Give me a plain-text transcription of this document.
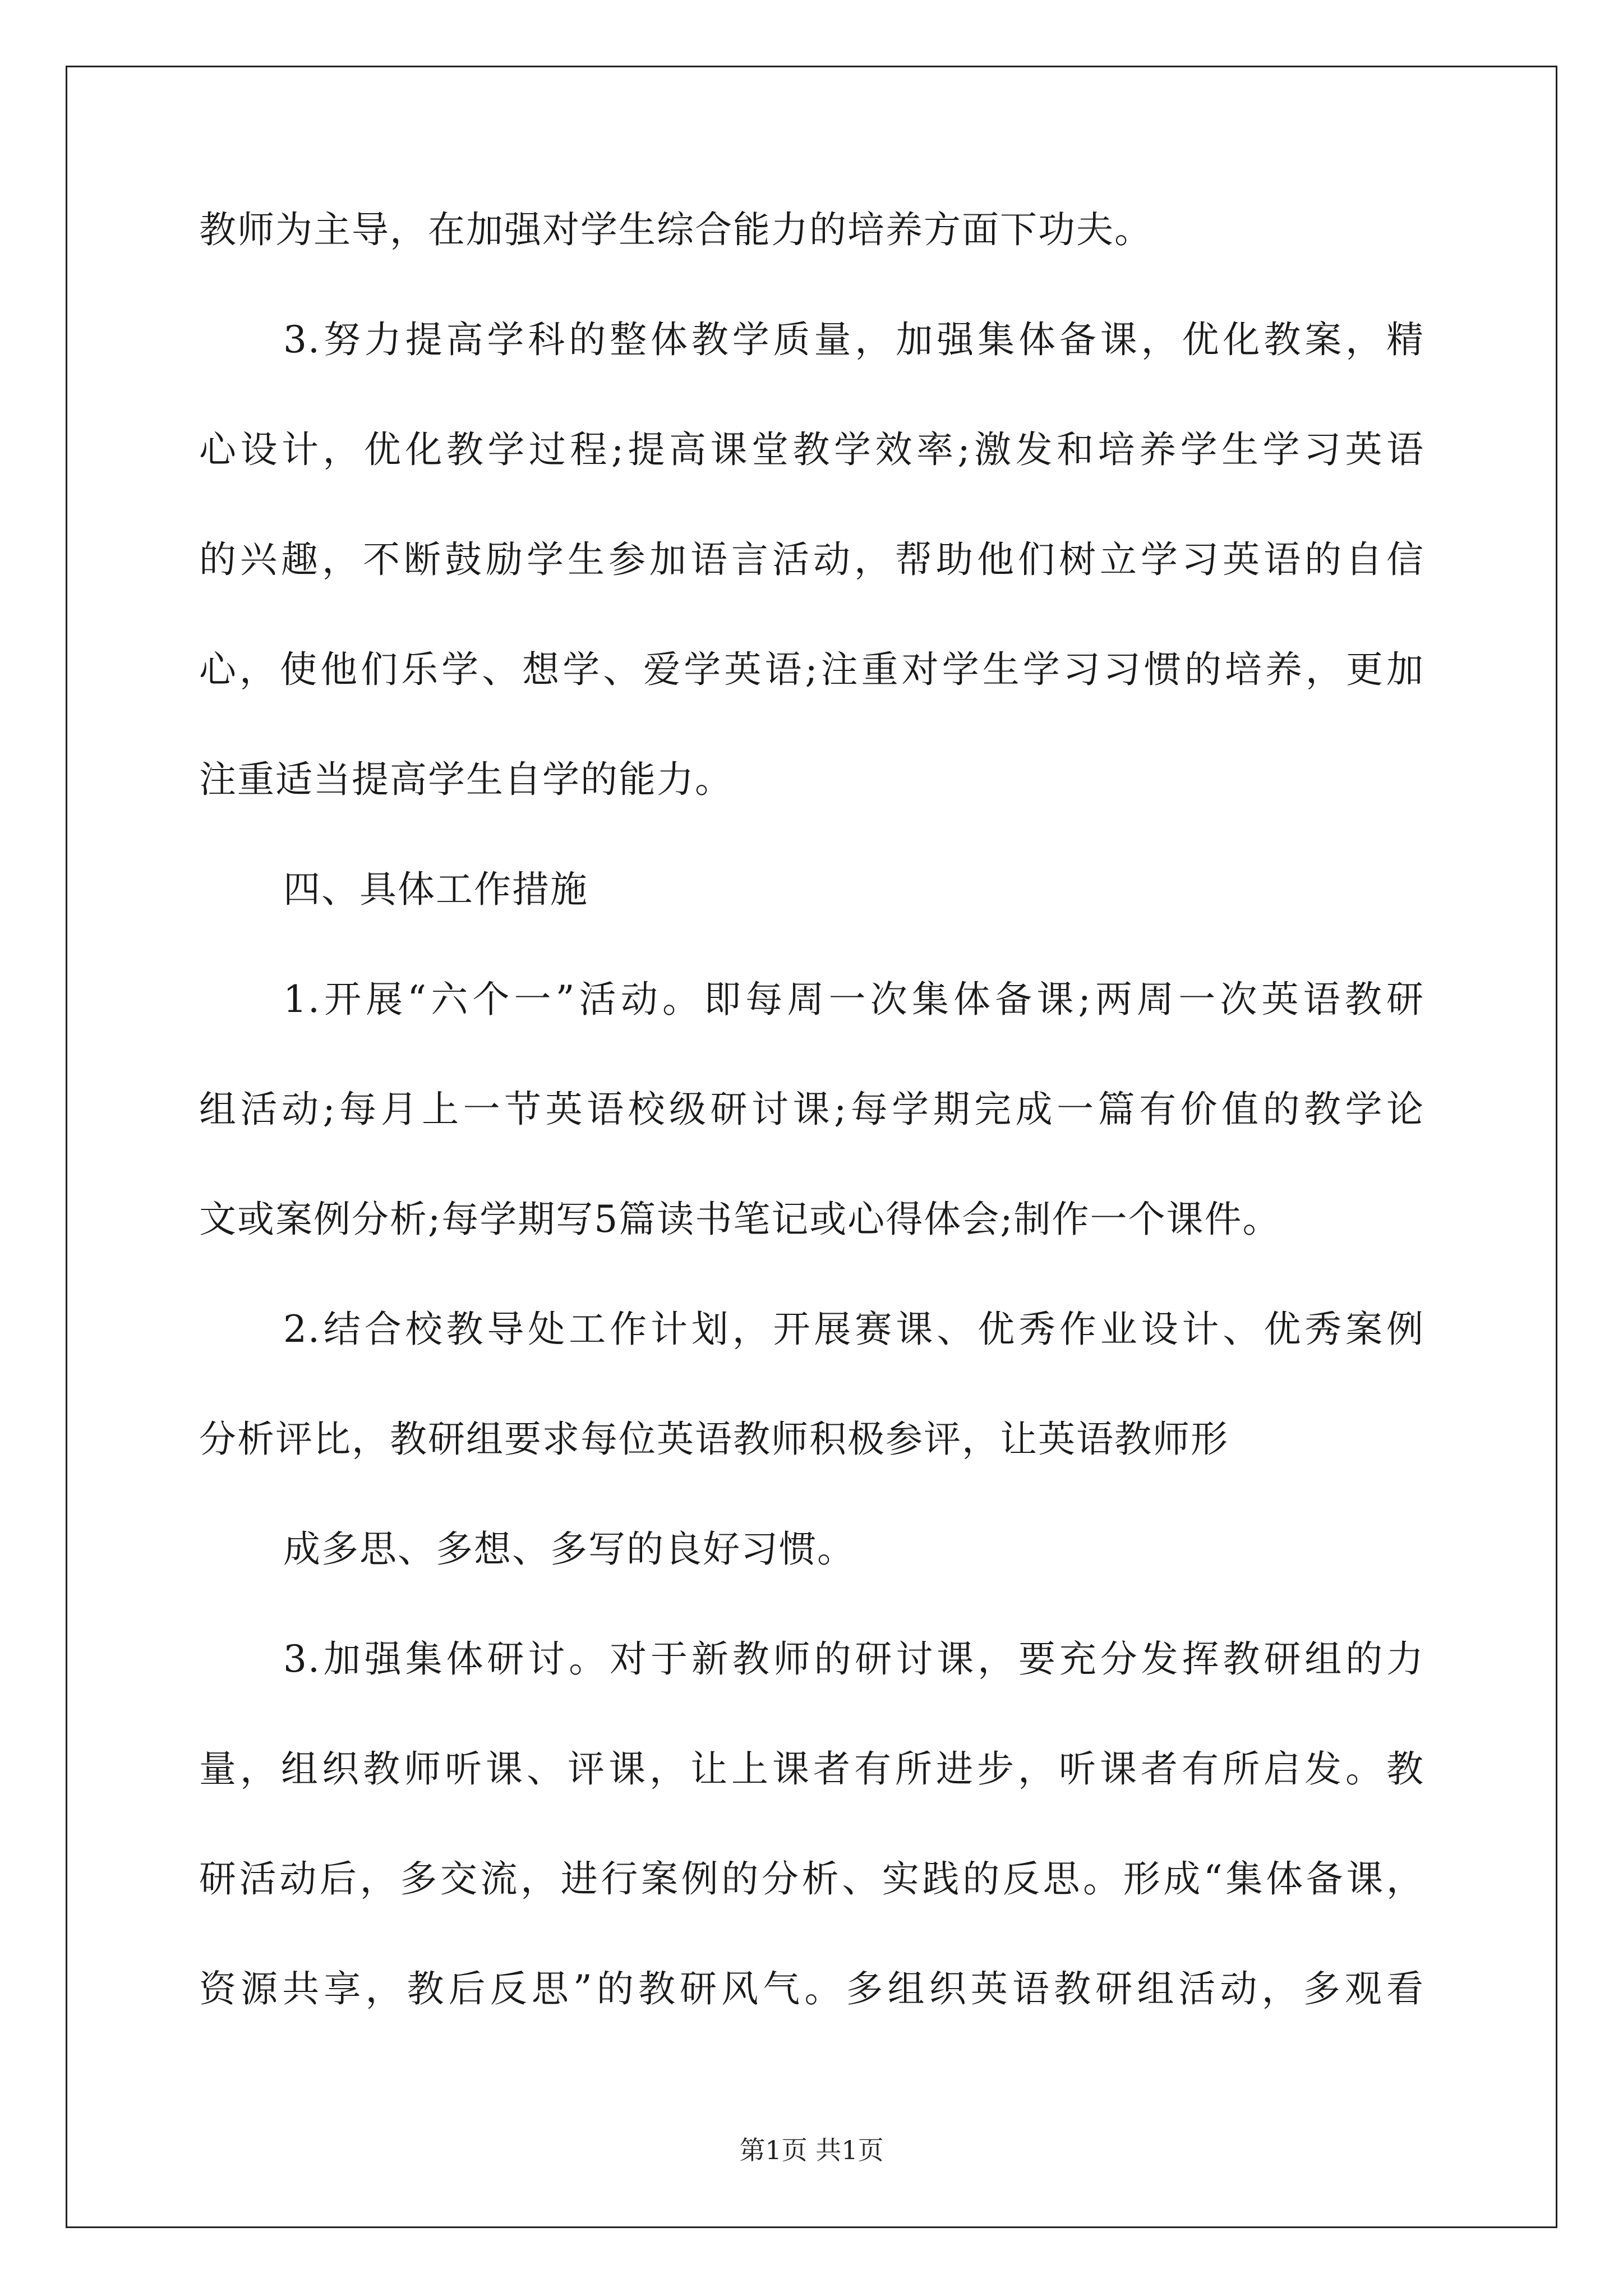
教师为主导，在加强对学生综合能力的培养方面下功夫。
3.努力提高学科的整体教学质量，加强集体备课，优化教案，精
心设计，优化教学过程;提高课堂教学效率;激发和培养学生学习英语
的兴趣，不断鼓励学生参加语言活动，帮助他们树立学习英语的自信
心，使他们乐学、想学、爱学英语;注重对学生学习习惯的培养，更加
注重适当提高学生自学的能力。
四、具体工作措施
1.开展“六个一”活动。即每周一次集体备课;两周一次英语教研
组活动;每月上一节英语校级研讨课;每学期完成一篇有价值的教学论
文或案例分析;每学期写5篇读书笔记或心得体会;制作一个课件。
2.结合校教导处工作计划，开展赛课、优秀作业设计、优秀案例
分析评比，教研组要求每位英语教师积极参评，让英语教师形
成多思、多想、多写的良好习惯。
3.加强集体研讨。对于新教师的研讨课，要充分发挥教研组的力
量，组织教师听课、评课，让上课者有所进步，听课者有所启发。教
研活动后，多交流，进行案例的分析、实践的反思。形成“集体备课，
资源共享，教后反思”的教研风气。多组织英语教研组活动，多观看
第1页 共1页
